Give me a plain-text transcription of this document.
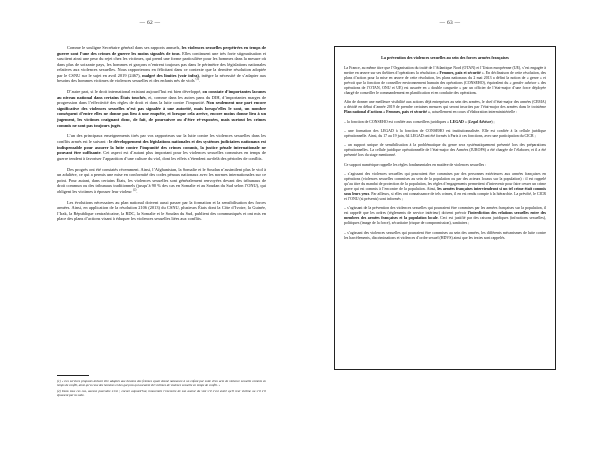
— 62 —

Comme le souligne Secrétaire général dans ses rapports annuels, les violences sexuelles perpétrées en temps de guerre sont l’une des crimes de guerre les moins signalés de tous. Elles continuent une très forte stigmatisation et suscitent ainsi une peur du rejet chez les victimes, qui prend une forme particulière pour les hommes dans la mesure où dans plus de soixante pays, les hommes et garçons n’entrent toujours pas dans le périmètre des législations nationales relatives aux violences sexuelles. Nous rapporterons en félicitant dans ce contexte que la dernière résolution adoptée par le CSNU sur le sujet en avril 2019 (2467), malgré des limites (voir infra), intègre la nécessité de s’adapter aux besoins des hommes victimes de violences sexuelles et des enfants nés de viols $^{(1)}$.

D’autre part, si le droit international existant aujourd’hui est bien développé, on constate d’importantes lacunes au niveau national dans certains États touchés, et, comme dans les autres pans du DIH, d’importantes marges de progression dans l’effectivité des règles de droit et dans la lutte contre l’impunité. Non seulement une part encore significative des violences sexuelles n’est pas signalée à une autorité, mais lorsqu’elles le sont, un nombre conséquent d’entre elles ne donne pas lieu à une enquête, et lorsque cela arrive, encore moins donne lieu à un jugement, les victimes craignant donc, de fait, de poursuivre ou d’être ré-exposées, mais surtout les crimes commis ne sont pas toujours jugés.

L’un des principaux enseignements tirés par vos rapporteurs sur la lutte contre les violences sexuelles dans les conflits armés est le suivant : le développement des législations nationales et des systèmes judiciaires nationaux est indispensable pour assurer la lutte contre l’impunité des crimes commis, la justice pénale internationale ne pouvant être suffisante. Cet aspect est d’autant plus important pour les violences sexuelles commises en temps de guerre tendent à favoriser l’apparition d’une culture du viol, dont les effets s’étendent au-delà des périodes de conflits.

Des progrès ont été constatés récemment. Ainsi, l’Afghanistan, la Somalie et le Soudan n’assimilent plus le viol à un adultère, ce qui a permis une mise en conformité des codes pénaux nationaux avec les normes internationales sur ce point. Pour autant, dans certains États, les violences sexuelles sont généralement renvoyées devant des tribunaux de droit commun ou des tribunaux traditionnels (jusqu’à 90 % des cas en Somalie et au Soudan du Sud selon l’ONU), qui obligent les victimes à épouser leur violeur $^{(2)}$.

Les évolutions nécessaires au plan national doivent aussi passer par la formation et la sensibilisation des forces armées. Ainsi, en application de la résolution 2106 (2013) du CSNU, plusieurs États dont la Côte d’Ivoire, la Guinée, l’Irak, la République centrafricaine, la RDC, la Somalie et le Soudan du Sud, publient des communiqués et ont mis en place des plans d’actions visant à éduquer les violences sexuelles liées aux conflits.

(1) « Les services proposés doivent être adaptés aux besoins des femmes ayant donné naissance à un enfant par suite d’un acte de violence sexuelle commis en temps de conflit, ainsi qu’à ceux des hommes et des garçons qui auraient été victimes de violence sexuelle en temps de conflit. »
(2) Dans tous ces cas, aucune poursuite n’est ; encore aujourd’hui, innocentée l’encontre de son auteur du viol s’il s’est avéré qu’il leur victime ou s’il s’il épousent par la suite.
— 63 —
La prévention des violences sexuelles au sein des forces armées françaises

La France, au même titre que l’Organisation du traité de l’Atlantique Nord (OTAN) et l’Union européenne (UE), s’est engagée à mettre en œuvre sur ses théâtres d’opérations la résolution « Femmes, paix et sécurité ». En déclinaison de cette résolution, des plans d’action pour la mise en œuvre de cette résolution, les plans nationaux du 2 mai 2013 a défini la notion de « genre » et prévoit que la fonction de conseiller environnement humain des opérations (CONSEHO), équivalent du « gender advisor » des opérations de l’OTAN, ONU et UE) est assurée en « double casquette » par un officier de l’état-major d’une force déployée chargé de conseiller le commandement en planification et en conduite des opérations.

Afin de donner une meilleure visibilité aux actions déjà entreprises au sein des armées, le chef d’état-major des armées (CEMA) a décidé en début d’année 2019 de prendre certaines mesures qui seront inscrites par l’état-major des armées dans le troisième Plan national d’actions « Femmes, paix et sécurité », actuellement en cours d’élaboration interministérielle :

– la fonction de CONSEHO est confiée aux conseillers juridiques « LEGAD » (Legal Advisor) ;

– une formation des LEGAD à la fonction de CONSEHO est institutionnalisée. Elle est confiée à la cellule juridique opérationnelle. Ainsi, du 17 au 19 juin, 64 LEGAD ont été formés à Paris à ces fonctions, avec une participation du CICR ;

– un support unique de sensibilisation à la problématique du genre sera systématiquement présenté lors des préparations opérationnelles. La cellule juridique opérationnelle de l’état-major des Armées (JUROPS) a été chargée de l’élaborer, et il a été présenté lors du stage mentionné.

Ce support numérique rappelle les règles fondamentales en matière de violences sexuelles :

– s’agissant des violences sexuelles qui pourraient être commises par des personnes extérieures aux armées françaises en opérations (violences sexuelles commises au sein de la population ou par des acteurs locaux sur la population) : il est rappelé qu’au titre du mandat de protection de la population, les règles d’engagements permettent d’intervenir pour faire cesser un crime grave qui est commis à l’encontre de la population. Ainsi, les armées françaises interviendront si un tel crime était commis sous leurs yeux. Par ailleurs, si elles ont connaissance de tels crimes, il en est rendu compte à la hiérarchie. La prévôté, le CICR et l’ONU (si présents) sont informés ;

– s’agissant de la prévention des violences sexuelles qui pourraient être commises par les armées françaises sur la population, il est rappelé que les ordres (règlements de service intérieur) doivent prévoir l’interdiction des relations sexuelles entre des membres des armées françaises et la population locale. Ceci est justifié par des raisons juridiques (infractions sexuelles), politiques (image de la force), sécuritaire (risque de compromission), sanitaires ;

– s’agissant des violences sexuelles qui pourraient être commises au sein des armées, les différents mécanismes de lutte contre les harcèlements, discriminations et violences d’ordre sexuel (HDVS) ainsi que les textes sont rappelés.
